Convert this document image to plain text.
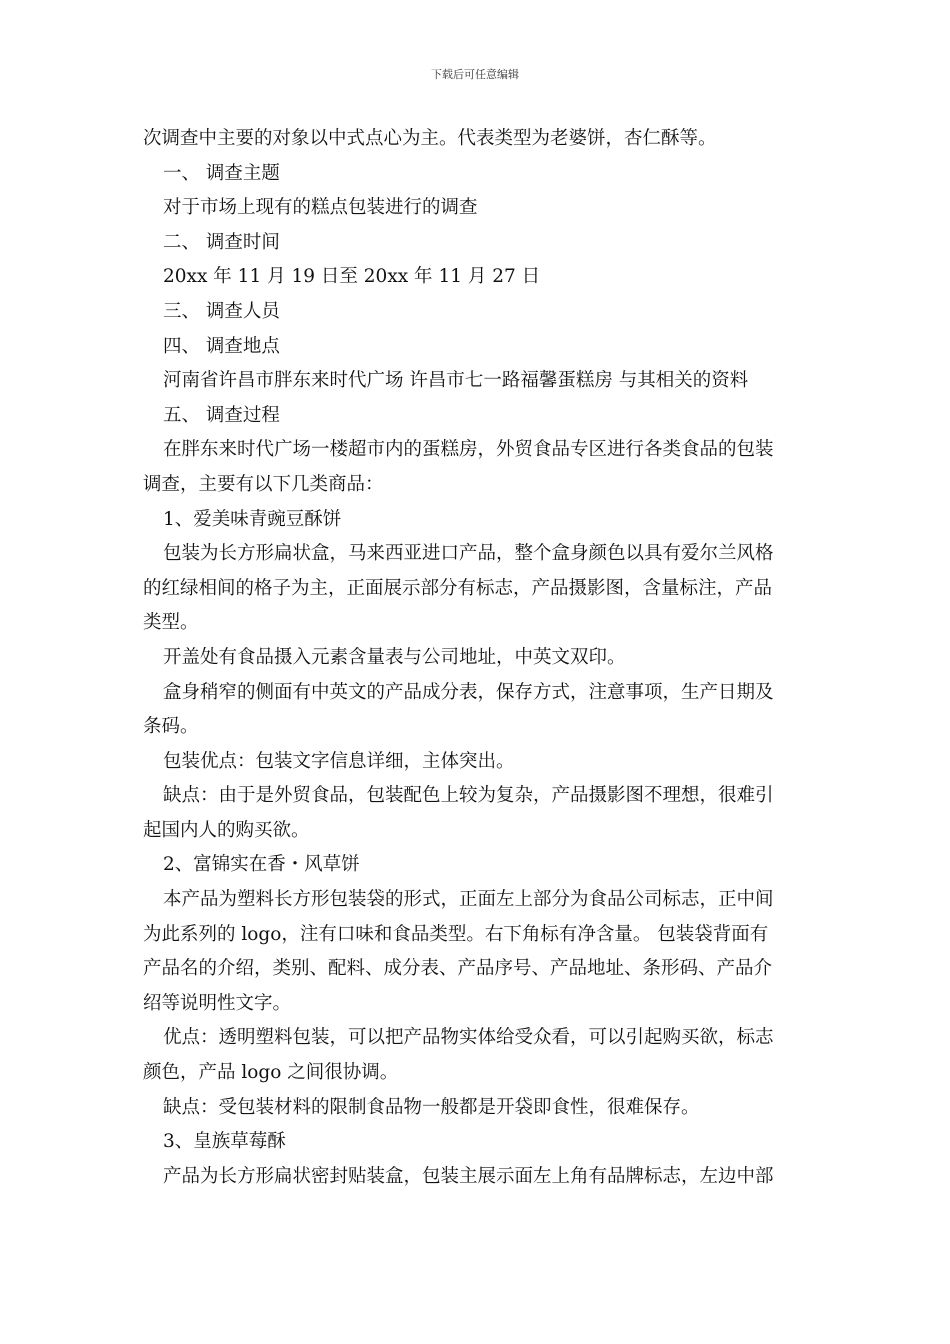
下载后可任意编辑

次调查中主要的对象以中式点心为主。代表类型为老婆饼，杏仁酥等。

一、 调查主题

对于市场上现有的糕点包装进行的调查

二、 调查时间

20xx 年 11 月 19 日至 20xx 年 11 月 27 日

三、 调查人员

四、 调查地点

河南省许昌市胖东来时代广场 许昌市七一路福馨蛋糕房 与其相关的资料

五、 调查过程

在胖东来时代广场一楼超市内的蛋糕房，外贸食品专区进行各类食品的包装

调查，主要有以下几类商品：

1、爱美味青豌豆酥饼

包装为长方形扁状盒，马来西亚进口产品，整个盒身颜色以具有爱尔兰风格

的红绿相间的格子为主，正面展示部分有标志，产品摄影图，含量标注，产品

类型。

开盖处有食品摄入元素含量表与公司地址，中英文双印。

盒身稍窄的侧面有中英文的产品成分表，保存方式，注意事项，生产日期及

条码。

包装优点：包装文字信息详细，主体突出。

缺点：由于是外贸食品，包装配色上较为复杂，产品摄影图不理想，很难引

起国内人的购买欲。

2、富锦实在香・风草饼

本产品为塑料长方形包装袋的形式，正面左上部分为食品公司标志，正中间

为此系列的 logo，注有口味和食品类型。右下角标有净含量。 包装袋背面有

产品名的介绍，类别、配料、成分表、产品序号、产品地址、条形码、产品介

绍等说明性文字。

优点：透明塑料包装，可以把产品物实体给受众看，可以引起购买欲，标志

颜色，产品 logo 之间很协调。

缺点：受包装材料的限制食品物一般都是开袋即食性，很难保存。

3、皇族草莓酥

产品为长方形扁状密封贴装盒，包装主展示面左上角有品牌标志，左边中部
